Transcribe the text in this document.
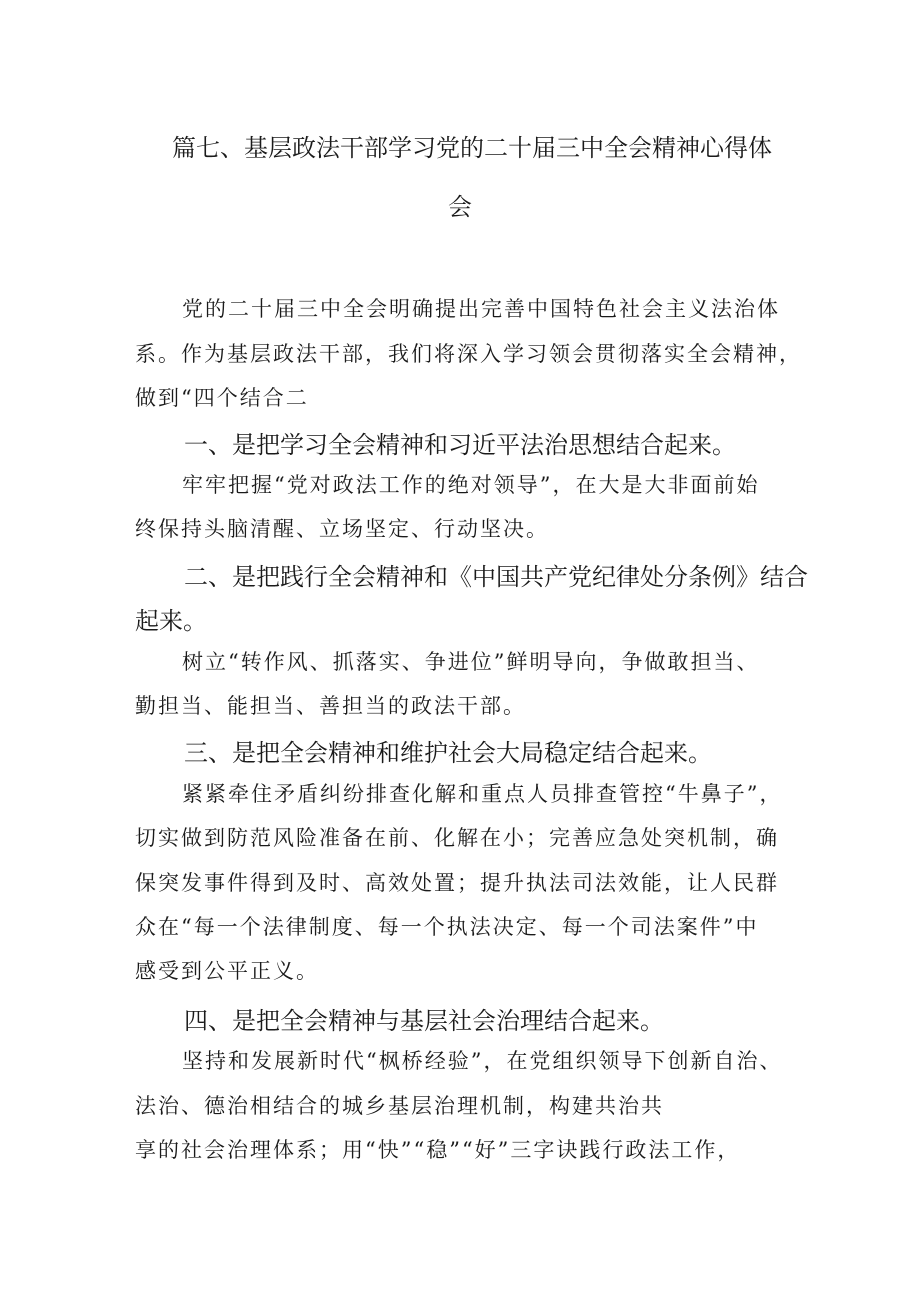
篇七、基层政法干部学习党的二十届三中全会精神心得体

会

党的二十届三中全会明确提出完善中国特色社会主义法治体

系。作为基层政法干部，我们将深入学习领会贯彻落实全会精神，

做到“四个结合二

一、是把学习全会精神和习近平法治思想结合起来。

牢牢把握“党对政法工作的绝对领导”，在大是大非面前始

终保持头脑清醒、立场坚定、行动坚决。

二、是把践行全会精神和《中国共产党纪律处分条例》结合

起来。

树立“转作风、抓落实、争进位”鲜明导向，争做敢担当、

勤担当、能担当、善担当的政法干部。

三、是把全会精神和维护社会大局稳定结合起来。

紧紧牵住矛盾纠纷排查化解和重点人员排查管控“牛鼻子”，

切实做到防范风险准备在前、化解在小；完善应急处突机制，确

保突发事件得到及时、高效处置；提升执法司法效能，让人民群

众在“每一个法律制度、每一个执法决定、每一个司法案件”中

感受到公平正义。

四、是把全会精神与基层社会治理结合起来。

坚持和发展新时代“枫桥经验”，在党组织领导下创新自治、

法治、德治相结合的城乡基层治理机制，构建共治共

享的社会治理体系；用“快”“稳”“好”三字诀践行政法工作，
